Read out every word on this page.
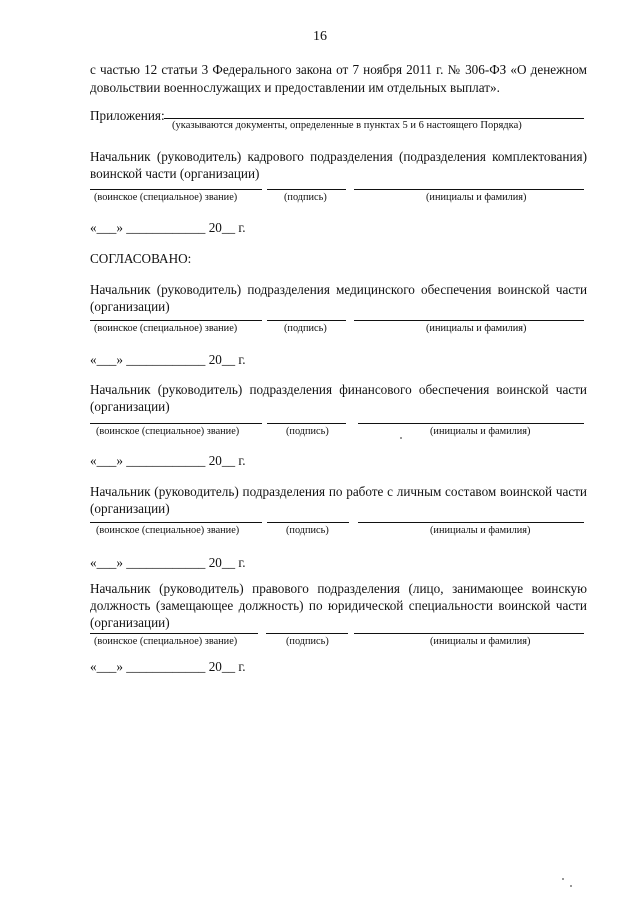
16
с частью 12 статьи 3 Федерального закона от 7 ноября 2011 г. № 306-ФЗ «О денежном довольствии военнослужащих и предоставлении им отдельных выплат».
Приложения:
(указываются документы, определенные в пунктах 5 и 6 настоящего Порядка)
Начальник (руководитель) кадрового подразделения (подразделения комплектования) воинской части (организации)
(воинское (специальное) звание)	(подпись)	(инициалы и фамилия)
«___» ____________ 20__ г.
СОГЛАСОВАНО:
Начальник (руководитель) подразделения медицинского обеспечения воинской части (организации)
(воинское (специальное) звание)	(подпись)	(инициалы и фамилия)
«___» ____________ 20__ г.
Начальник (руководитель) подразделения финансового обеспечения воинской части (организации)
(воинское (специальное) звание)	(подпись)	(инициалы и фамилия)
«___» ____________ 20__ г.
Начальник (руководитель) подразделения по работе с личным составом воинской части (организации)
(воинское (специальное) звание)	(подпись)	(инициалы и фамилия)
«___» ____________ 20__ г.
Начальник (руководитель) правового подразделения (лицо, занимающее воинскую должность (замещающее должность) по юридической специальности воинской части (организации)
(воинское (специальное) звание)	(подпись)	(инициалы и фамилия)
«___» ____________ 20__ г.
